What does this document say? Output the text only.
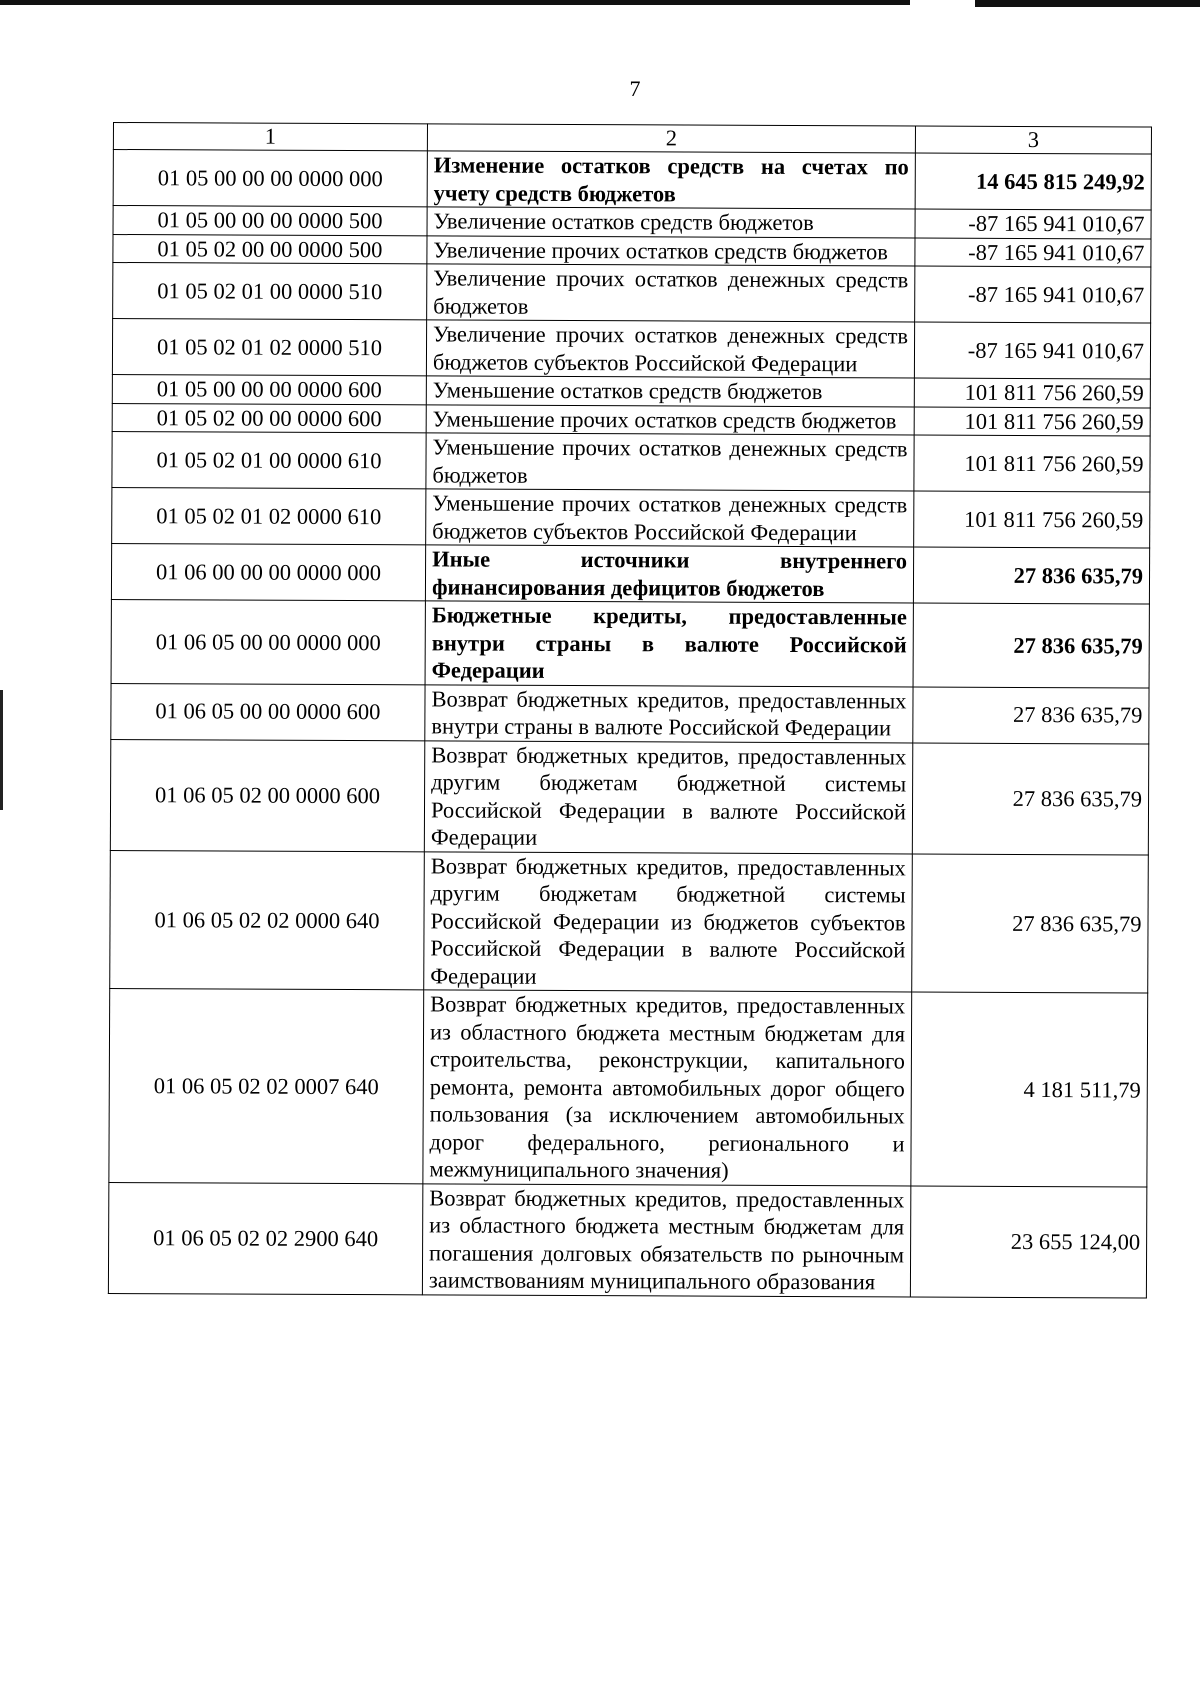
7
1	2	3
01 05 00 00 00 0000 000	Изменение остатков средств на счетах по учету средств бюджетов	14 645 815 249,92
01 05 00 00 00 0000 500	Увеличение остатков средств бюджетов	-87 165 941 010,67
01 05 02 00 00 0000 500	Увеличение прочих остатков средств бюджетов	-87 165 941 010,67
01 05 02 01 00 0000 510	Увеличение прочих остатков денежных средств бюджетов	-87 165 941 010,67
01 05 02 01 02 0000 510	Увеличение прочих остатков денежных средств бюджетов субъектов Российской Федерации	-87 165 941 010,67
01 05 00 00 00 0000 600	Уменьшение остатков средств бюджетов	101 811 756 260,59
01 05 02 00 00 0000 600	Уменьшение прочих остатков средств бюджетов	101 811 756 260,59
01 05 02 01 00 0000 610	Уменьшение прочих остатков денежных средств бюджетов	101 811 756 260,59
01 05 02 01 02 0000 610	Уменьшение прочих остатков денежных средств бюджетов субъектов Российской Федерации	101 811 756 260,59
01 06 00 00 00 0000 000	Иные источники внутреннего финансирования дефицитов бюджетов	27 836 635,79
01 06 05 00 00 0000 000	Бюджетные кредиты, предоставленные внутри страны в валюте Российской Федерации	27 836 635,79
01 06 05 00 00 0000 600	Возврат бюджетных кредитов, предоставленных внутри страны в валюте Российской Федерации	27 836 635,79
01 06 05 02 00 0000 600	Возврат бюджетных кредитов, предоставленных другим бюджетам бюджетной системы Российской Федерации в валюте Российской Федерации	27 836 635,79
01 06 05 02 02 0000 640	Возврат бюджетных кредитов, предоставленных другим бюджетам бюджетной системы Российской Федерации из бюджетов субъектов Российской Федерации в валюте Российской Федерации	27 836 635,79
01 06 05 02 02 0007 640	Возврат бюджетных кредитов, предоставленных из областного бюджета местным бюджетам для строительства, реконструкции, капитального ремонта, ремонта автомобильных дорог общего пользования (за исключением автомобильных дорог федерального, регионального и межмуниципального значения)	4 181 511,79
01 06 05 02 02 2900 640	Возврат бюджетных кредитов, предоставленных из областного бюджета местным бюджетам для погашения долговых обязательств по рыночным заимствованиям муниципального образования	23 655 124,00
